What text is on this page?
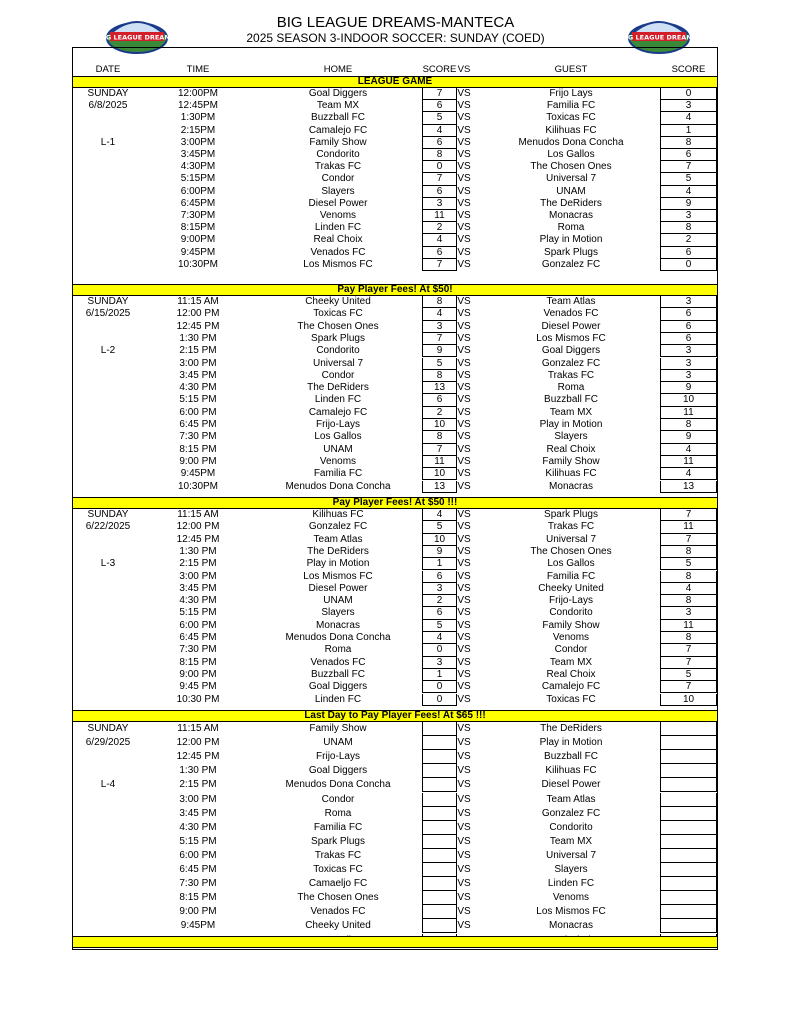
BIG LEAGUE DREAMS
BIG LEAGUE DREAMS-MANTECA
2025 SEASON 3-INDOOR SOCCER: SUNDAY (COED)	BIG LEAGUE DREAMS
DATE	TIME	HOME	SCORE VS	GUEST	SCORE
LEAGUE GAME
SUNDAY	12:00PM	Goal Diggers	7	VS	Frijo Lays	0
6/8/2025	12:45PM	Team MX	6	VS	Familia FC	3
1:30PM	Buzzball FC	5	VS	Toxicas FC	4
2:15PM	Camalejo FC	4	VS	Kilihuas FC	1
L-1	3:00PM	Family Show	6	VS	Menudos Dona Concha	8
3:45PM	Condorito	8	VS	Los Gallos	6
4:30PM	Trakas FC	0	VS	The Chosen Ones	7
5:15PM	Condor	7	VS	Universal 7	5
6:00PM	Slayers	6	VS	UNAM	4
6:45PM	Diesel Power	3	VS	The DeRiders	9
7:30PM	Venoms	11	VS	Monacras	3
8:15PM	Linden FC	2	VS	Roma	8
9:00PM	Real Choix	4	VS	Play in Motion	2
9:45PM	Venados FC	6	VS	Spark Plugs	6
10:30PM	Los Mismos FC	7	VS	Gonzalez FC	0
Pay Player Fees! At $50!
SUNDAY	11:15 AM	Cheeky United	8	VS	Team Atlas	3
6/15/2025	12:00 PM	Toxicas FC	4	VS	Venados FC	6
12:45 PM	The Chosen Ones	3	VS	Diesel Power	6
1:30 PM	Spark Plugs	7	VS	Los Mismos FC	6
L-2	2:15 PM	Condorito	9	VS	Goal Diggers	3
3:00 PM	Universal 7	5	VS	Gonzalez FC	3
3:45 PM	Condor	8	VS	Trakas FC	3
4:30 PM	The DeRiders	13	VS	Roma	9
5:15 PM	Linden FC	6	VS	Buzzball FC	10
6:00 PM	Camalejo FC	2	VS	Team MX	11
6:45 PM	Frijo-Lays	10	VS	Play in Motion	8
7:30 PM	Los Gallos	8	VS	Slayers	9
8:15 PM	UNAM	7	VS	Real Choix	4
9:00 PM	Venoms	11	VS	Family Show	11
9:45PM	Familia FC	10	VS	Kilihuas FC	4
10:30PM	Menudos Dona Concha	13	VS	Monacras	13
Pay Player Fees! At $50 !!!
SUNDAY	11:15 AM	Kilihuas FC	4	VS	Spark Plugs	7
6/22/2025	12:00 PM	Gonzalez FC	5	VS	Trakas FC	11
12:45 PM	Team Atlas	10	VS	Universal 7	7
1:30 PM	The DeRiders	9	VS	The Chosen Ones	8
L-3	2:15 PM	Play in Motion	1	VS	Los Gallos	5
3:00 PM	Los Mismos FC	6	VS	Familia FC	8
3:45 PM	Diesel Power	3	VS	Cheeky United	4
4:30 PM	UNAM	2	VS	Frijo-Lays	8
5:15 PM	Slayers	6	VS	Condorito	3
6:00 PM	Monacras	5	VS	Family Show	11
6:45 PM	Menudos Dona Concha	4	VS	Venoms	8
7:30 PM	Roma	0	VS	Condor	7
8:15 PM	Venados FC	3	VS	Team MX	7
9:00 PM	Buzzball FC	1	VS	Real Choix	5
9:45 PM	Goal Diggers	0	VS	Camalejo FC	7
10:30 PM	Linden FC	0	VS	Toxicas FC	10
Last Day to Pay Player Fees! At $65 !!!
SUNDAY	11:15 AM	Family Show	VS	The DeRiders
6/29/2025	12:00 PM	UNAM	VS	Play in Motion
12:45 PM	Frijo-Lays	VS	Buzzball FC
1:30 PM	Goal Diggers	VS	Kilihuas FC
L-4	2:15 PM	Menudos Dona Concha	VS	Diesel Power
3:00 PM	Condor	VS	Team Atlas
3:45 PM	Roma	VS	Gonzalez FC
4:30 PM	Familia FC	VS	Condorito
5:15 PM	Spark Plugs	VS	Team MX
6:00 PM	Trakas FC	VS	Universal 7
6:45 PM	Toxicas FC	VS	Slayers
7:30 PM	Camaeljo FC	VS	Linden FC
8:15 PM	The Chosen Ones	VS	Venoms
9:00 PM	Venados FC	VS	Los Mismos FC
9:45PM	Cheeky United	VS	Monacras
